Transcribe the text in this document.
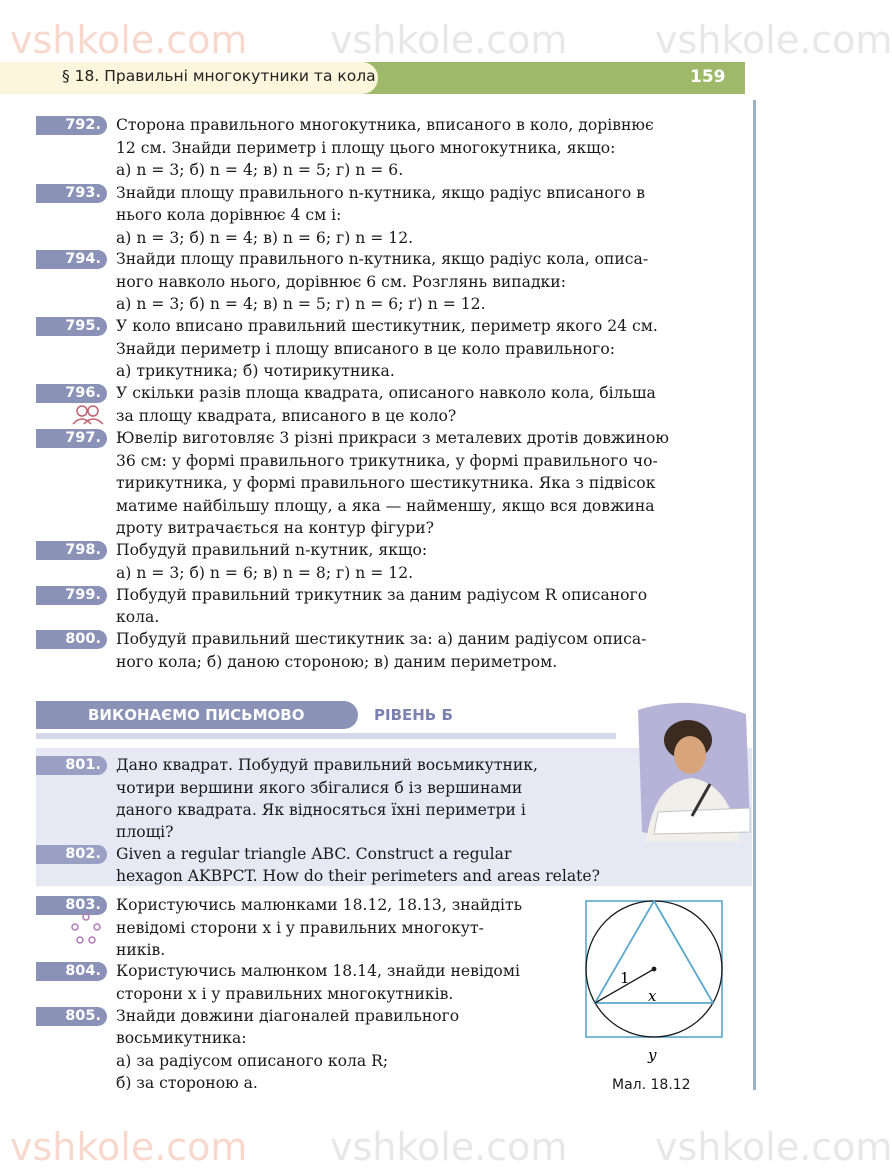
vshkole.com vshkole.com vshkole.com
vshkole.com vshkole.com vshkole.com
§ 18. Правильні многокутники та кола	159
792. Сторона правильного многокутника, вписаного в коло, дорівнює
12 см. Знайди периметр і площу цього многокутника, якщо:
а) n = 3; б) n = 4; в) n = 5; г) n = 6.
793. Знайди площу правильного n-кутника, якщо радіус вписаного в
нього кола дорівнює 4 см і:
а) n = 3; б) n = 4; в) n = 6; г) n = 12.
794. Знайди площу правильного n-кутника, якщо радіус кола, описа-
ного навколо нього, дорівнює 6 см. Розглянь випадки:
а) n = 3; б) n = 4; в) n = 5; г) n = 6; ґ) n = 12.
795. У коло вписано правильний шестикутник, периметр якого 24 см.
Знайди периметр і площу вписаного в це коло правильного:
а) трикутника; б) чотирикутника.
796. У скільки разів площа квадрата, описаного навколо кола, більша
за площу квадрата, вписаного в це коло?
797. Ювелір виготовляє 3 різні прикраси з металевих дротів довжиною
36 см: у формі правильного трикутника, у формі правильного чо-
тирикутника, у формі правильного шестикутника. Яка з підвісок
матиме найбільшу площу, а яка — найменшу, якщо вся довжина
дроту витрачається на контур фігури?
798. Побудуй правильний n-кутник, якщо:
а) n = 3; б) n = 6; в) n = 8; г) n = 12.
799. Побудуй правильний трикутник за даним радіусом R описаного
кола.
800. Побудуй правильний шестикутник за: а) даним радіусом описа-
ного кола; б) даною стороною; в) даним периметром.
ВИКОНАЄМО ПИСЬМОВО	РІВЕНЬ Б
801. Дано квадрат. Побудуй правильний восьмикутник,
чотири вершини якого збігалися б із вершинами
даного квадрата. Як відносяться їхні периметри і
площі?
802. Given a regular triangle ABC. Construct a regular
hexagon AKBPCT. How do their perimeters and areas relate?
803. Користуючись малюнками 18.12, 18.13, знайдіть
невідомі сторони x і y правильних многокут-
ників.
804. Користуючись малюнком 18.14, знайди невідомі
сторони x і y правильних многокутників.
805. Знайди довжини діагоналей правильного
восьмикутника:
а) за радіусом описаного кола R;
б) за стороною a.
1
x
y
Мал. 18.12
